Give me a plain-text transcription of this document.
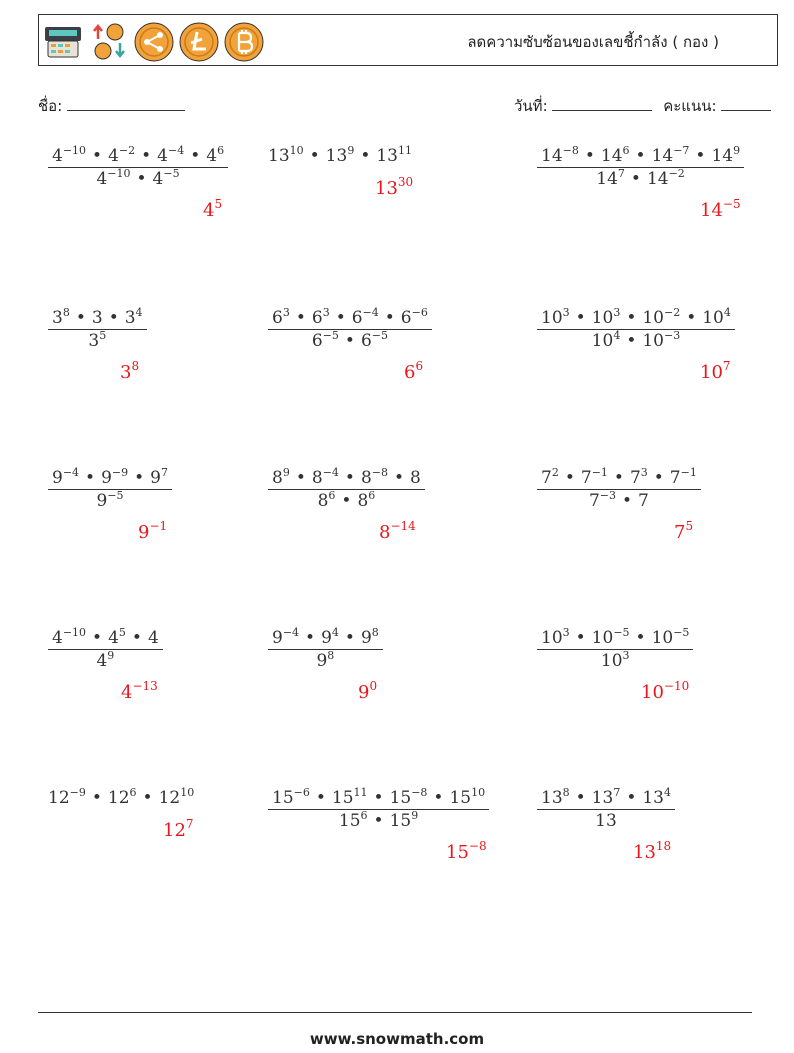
ลดความซับซ้อนของเลขชี้กำลัง ( กอง )
ชื่อ:	วันที่:	คะแนน:
$\frac{4^{-10} • 4^{-2} • 4^{-4} • 4^6}{4^{-10} • 4^{-5}}$
$4^5$
$13^{10}$ • $13^9$ • $13^{11}$
$13^{30}$	$\frac{14^{-8} • 14^6 • 14^{-7} • 14^9}{14^7 • 14^{-2}}$
$14^{-5}$
$\frac{3^8 • 3 • 3^4}{3^5}$
$3^8$
$\frac{6^3 • 6^3 • 6^{-4} • 6^{-6}}{6^{-5} • 6^{-5}}$
$6^6$
$\frac{10^3 • 10^3 • 10^{-2} • 10^4}{10^4 • 10^{-3}}$
$10^7$
$\frac{9^{-4} • 9^{-9} • 9^7}{9^{-5}}$
$9^{-1}$
$\frac{8^9 • 8^{-4} • 8^{-8} • 8}{8^6 • 8^6}$
$8^{-14}$
$\frac{7^2 • 7^{-1} • 7^3 • 7^{-1}}{7^{-3} • 7}$
$7^5$
$\frac{4^{-10} • 4^5 • 4}{4^9}$
$4^{-13}$
$\frac{9^{-4} • 9^4 • 9^8}{9^8}$
$9^0$
$\frac{10^3 • 10^{-5} • 10^{-5}}{10^3}$
$10^{-10}$
$12^{-9}$ • $12^6$ • $12^{10}$
$12^7$	$\frac{15^{-6} • 15^{11} • 15^{-8} • 15^{10}}{15^6 • 15^9}$
$15^{-8}$
$\frac{13^8 • 13^7 • 13^4}{13}$
$13^{18}$
www.snowmath.com
